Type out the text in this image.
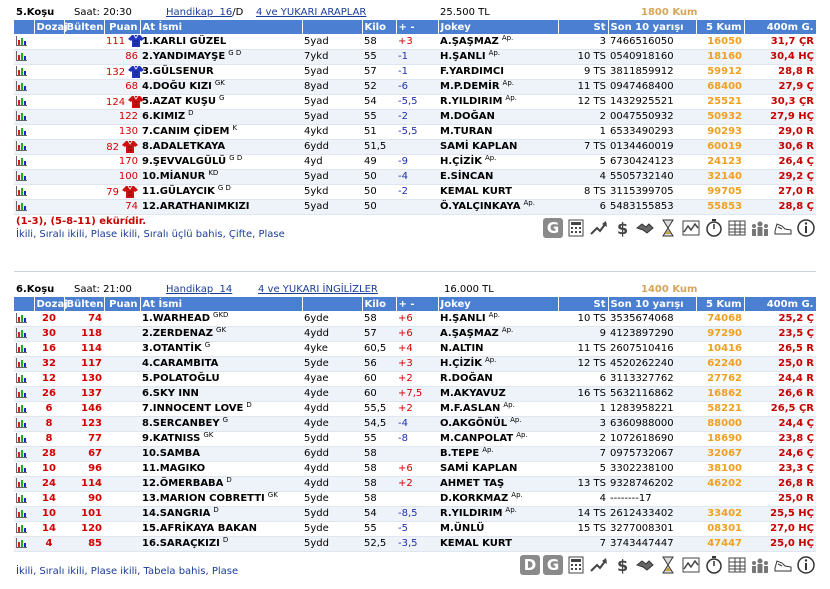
5.Koşu Saat: 20:30	Handikap  16/D 4 ve YUKARI ARAPLAR	25.500 TL	1800 Kum
	Dozaj	Bülten	Puan	At İsmi		Kilo	+ -	Jokey	St	Son 10 yarışı	5 Kum	400m G.
			111	1.KARLI GÜZEL	5yad	58	+3	A.ŞAŞMAZ $^{Ap.}$	3	7466516050	16050	31,7 ÇR
			86	2.YANDIMAYŞE $^{G D}$	7ykd	55	-1	H.ŞANLI $^{Ap.}$	10 TS	0540918160	18160	30,4 HÇ
			132	3.GÜLSENUR	5yad	57	-1	F.YARDIMCI	9 TS	3811859912	59912	28,8 R
			68	4.DOĞU KIZI $^{GK}$	8yad	52	-6	M.P.DEMİR $^{Ap.}$	11 TS	0947468400	68400	27,9 Ç
			124	5.AZAT KUŞU $^G$	5yad	54	-5,5	R.YILDIRIM $^{Ap.}$	12 TS	1432925521	25521	30,3 ÇR
			122	6.KIMIZ $^D$	5yad	55	-2	M.DOĞAN	2	0047550932	50932	27,9 HÇ
			130	7.CANIM ÇİDEM $^K$	4ykd	51	-5,5	M.TURAN	1	6533490293	90293	29,0 R
			82	8.ADALETKAYA	6ydd	51,5		SAMİ KAPLAN	7 TS	0134460019	60019	30,6 R
			170	9.ŞEVVALGÜLÜ $^{G D}$	4yd	49	-9	H.ÇİZİK $^{Ap.}$	5	6730424123	24123	26,4 Ç
			100	10.MİANUR $^{KD}$	5yad	50	-4	E.SİNCAN	4	5505732140	32140	29,2 Ç
			79	11.GÜLAYCIK $^{G D}$	5ykd	50	-2	KEMAL KURT	8 TS	3115399705	99705	27,0 R
			74	12.ARATHANIMKIZI	5yad	50		Ö.YALÇINKAYA $^{Ap.}$	6	5483155853	55853	28,8 Ç
(1-3), (5-8-11) ekürídir.
İkili, Sıralı ikili, Plase ikili, Sıralı üçlü bahis, Çifte, Plase	G	$
6.Koşu Saat: 21:00	Handikap  14	4 ve YUKARI İNGİLİZLER	16.000 TL	1400 Kum
	Dozaj	Bülten	Puan	At İsmi		Kilo	+ -	Jokey	St	Son 10 yarışı	5 Kum	400m G.
	20	74		1.WARHEAD $^{GKD}$	6yde	58	+6	H.ŞANLI $^{Ap.}$	10 TS	3535674068	74068	25,2 Ç
	30	118		2.ZERDENAZ $^{GK}$	4ydd	57	+6	A.ŞAŞMAZ $^{Ap.}$	9	4123897290	97290	23,5 Ç
	16	114		3.OTANTİK $^G$	4yke	60,5	+4	N.ALTIN	11 TS	2607510416	10416	26,5 R
	32	117		4.CARAMBITA	5yde	56	+3	H.ÇİZİK $^{Ap.}$	12 TS	4520262240	62240	25,0 R
	12	130		5.POLATOĞLU	4yae	60	+2	R.DOĞAN	6	3113327762	27762	24,4 R
	26	137		6.SKY INN	4yde	60	+7,5	M.AKYAVUZ	16 TS	5632116862	16862	26,6 R
	6	146		7.INNOCENT LOVE $^D$	4ydd	55,5	+2	M.F.ASLAN $^{Ap.}$	1	1283958221	58221	26,5 ÇR
	8	123		8.SERCANBEY $^G$	4yde	54,5	-4	O.AKGÖNÜL $^{Ap.}$	3	6360988000	88000	24,4 Ç
	8	77		9.KATNISS $^{GK}$	5ydd	55	-8	M.CANPOLAT $^{Ap.}$	2	1072618690	18690	23,8 Ç
	28	67		10.SAMBA	6ydd	58		B.TEPE $^{Ap.}$	7	0975732067	32067	24,6 Ç
	10	96		11.MAGIKO	4ydd	58	+6	SAMİ KAPLAN	5	3302238100	38100	23,3 Ç
	24	114		12.ÖMERBABA $^D$	4ydd	58	+2	AHMET TAŞ	13 TS	9328746202	46202	26,8 R
	14	90		13.MARION COBRETTI $^{GK}$	5yde	58		D.KORKMAZ $^{Ap.}$	4	--------17		25,0 R
	10	101		14.SANGRIA $^D$	5ydd	54	-8,5	R.YILDIRIM $^{Ap.}$	14 TS	2612433402	33402	25,5 HÇ
	14	120		15.AFRİKAYA BAKAN	5yde	55	-5	M.ÜNLÜ	15 TS	3277008301	08301	27,0 HÇ
	4	85		16.SARAÇKIZI $^D$	5ydd	52,5	-3,5	KEMAL KURT	7	3743447447	47447	25,0 HÇ
İkili, Sıralı ikili, Plase ikili, Tabela bahis, Plase	D G	$
